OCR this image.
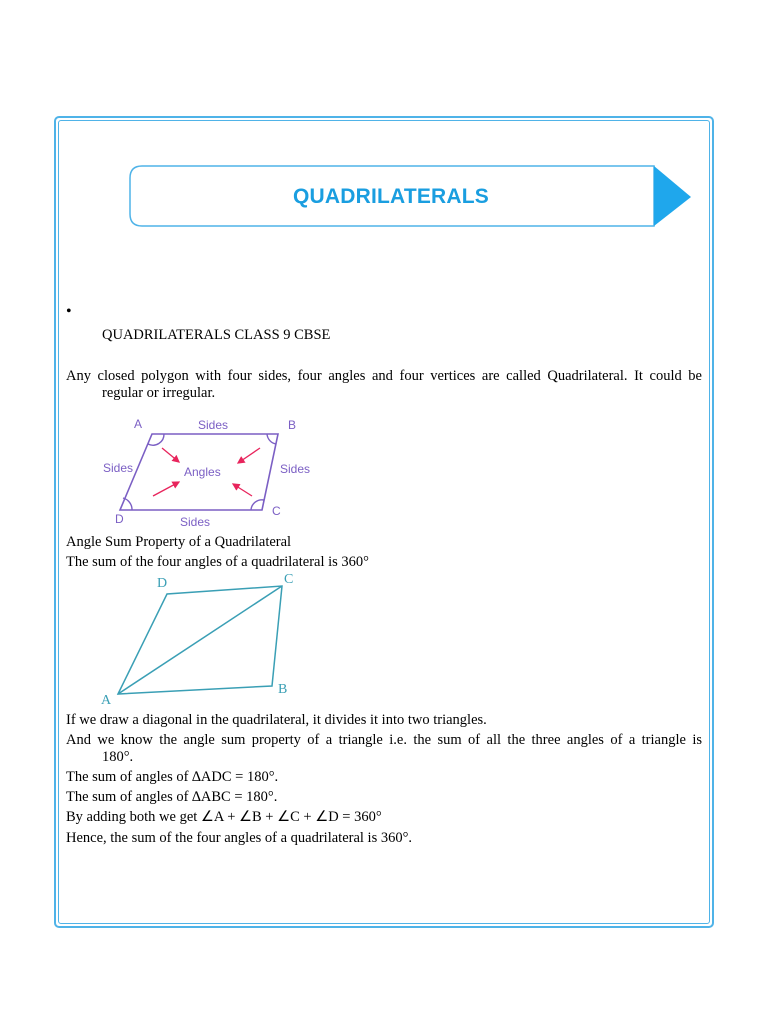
QUADRILATERALS
•
QUADRILATERALS CLASS 9 CBSE
Any closed polygon with four sides, four angles and four vertices are called Quadrilateral. It could be
regular or irregular.
A	Sides	B
Sides	Angles	Sides
D
C
Sides
Angle Sum Property of a Quadrilateral
The sum of the four angles of a quadrilateral is 360°
D	C
B
A
If we draw a diagonal in the quadrilateral, it divides it into two triangles.
And we know the angle sum property of a triangle i.e. the sum of all the three angles of a triangle is
180°.
The sum of angles of ∆ADC = 180°.
The sum of angles of ∆ABC = 180°.
By adding both we get ∠A + ∠B + ∠C + ∠D = 360°
Hence, the sum of the four angles of a quadrilateral is 360°.
